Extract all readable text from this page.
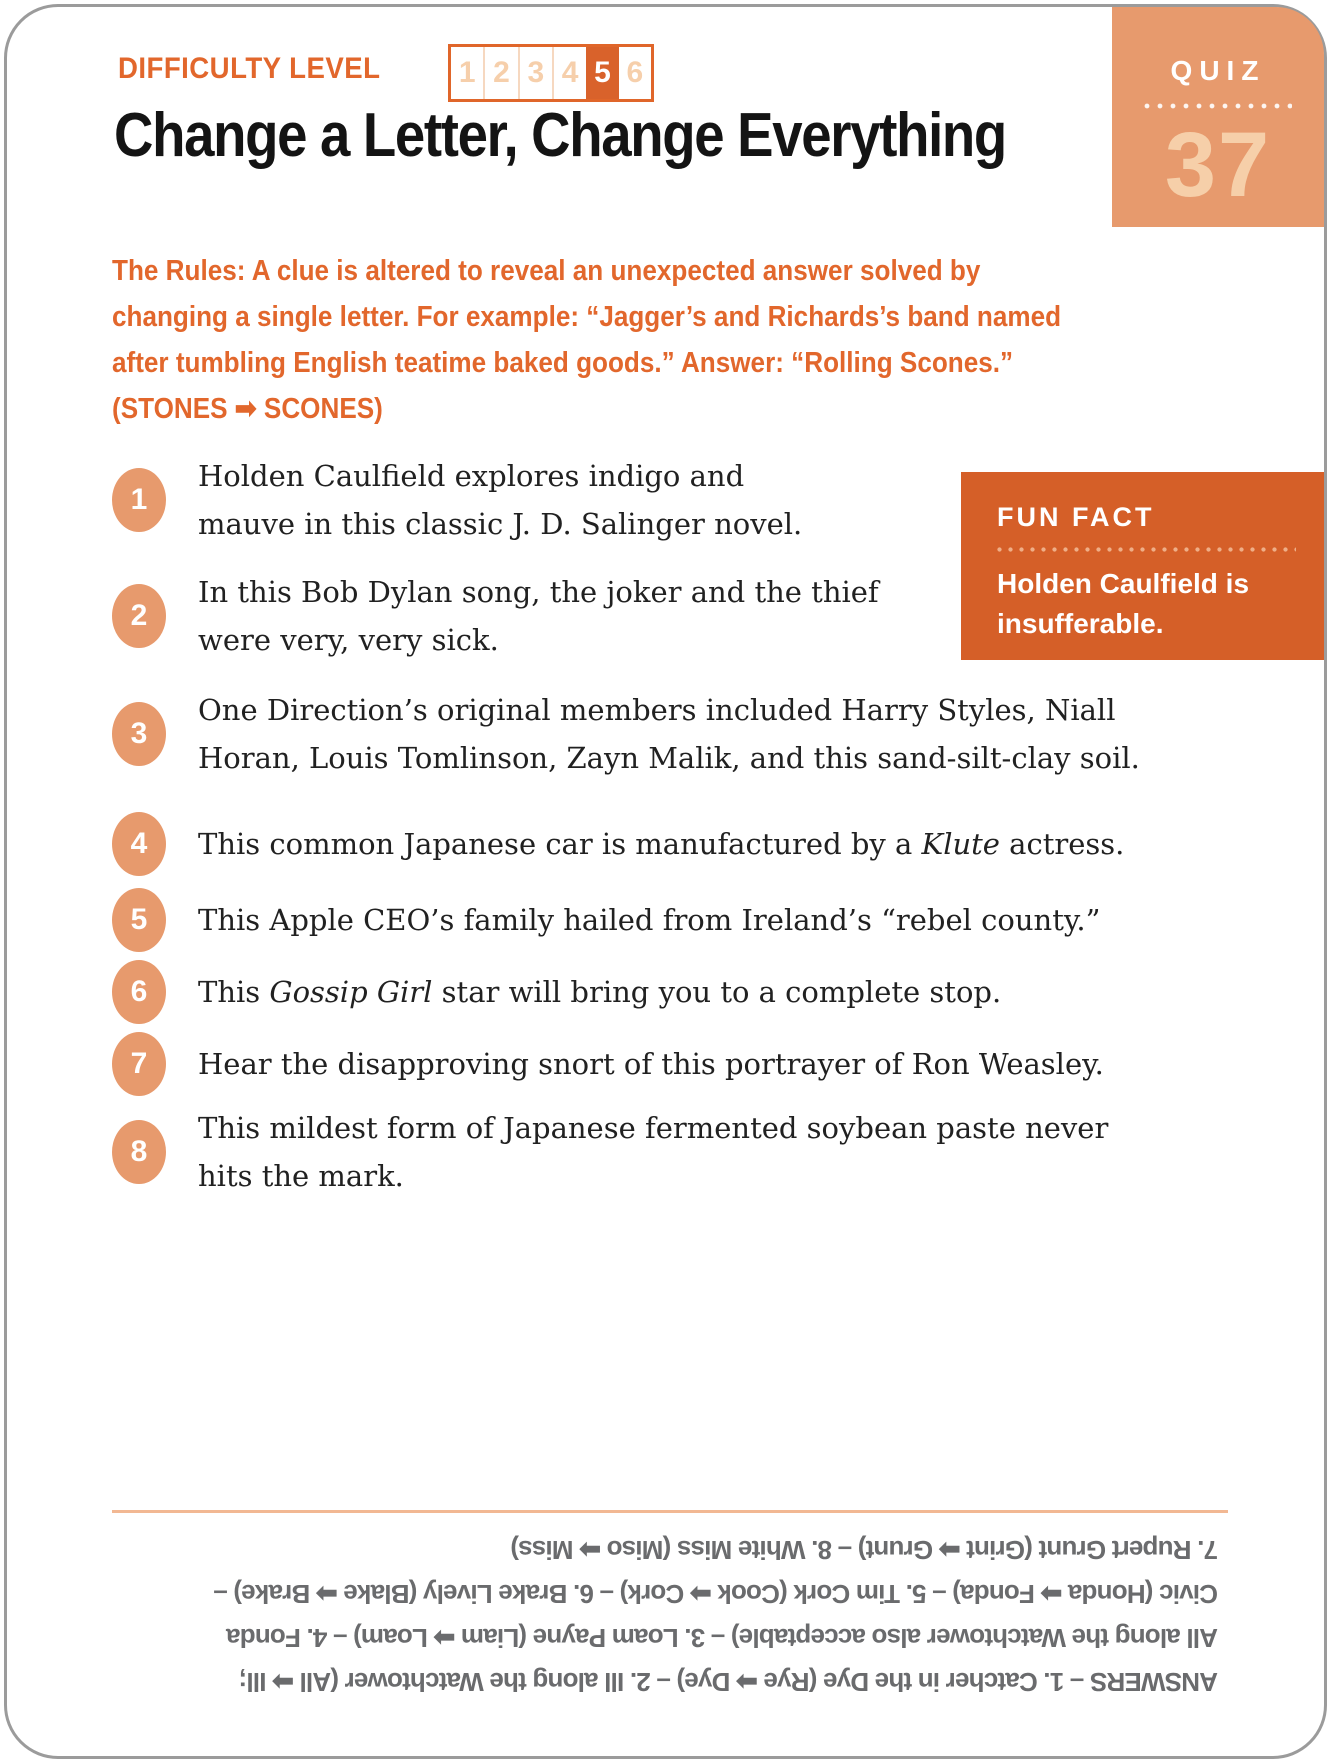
QUIZ
37
DIFFICULTY LEVEL	1 2 3 4 5 6
Change a Letter, Change Everything

The Rules: A clue is altered to reveal an unexpected answer solved by
changing a single letter. For example: “Jagger’s and Richards’s band named
after tumbling English teatime baked goods.” Answer: “Rolling Scones.”
(STONES ➡ SCONES)

1

Holden Caulfield explores indigo and
mauve in this classic J. D. Salinger novel.

2

In this Bob Dylan song, the joker and the thief
were very, very sick.

3

One Direction’s original members included Harry Styles, Niall
Horan, Louis Tomlinson, Zayn Malik, and this sand-silt-clay soil.

4	This common Japanese car is manufactured by a Klute actress.

5	This Apple CEO’s family hailed from Ireland’s “rebel county.”

6	This Gossip Girl star will bring you to a complete stop.

7	Hear the disapproving snort of this portrayer of Ron Weasley.

8

This mildest form of Japanese fermented soybean paste never
hits the mark.

FUN FACT

Holden Caulfield is
insufferable.

ANSWERS – 1. Catcher in the Dye (Rye ➡ Dye) – 2. Ill along the Watchtower (All ➡ Ill;
All along the Watchtower also acceptable) – 3. Loam Payne (Liam ➡ Loam) – 4. Fonda
Civic (Honda ➡ Fonda) – 5. Tim Cork (Cook ➡ Cork) – 6. Brake Lively (Blake ➡ Brake) –
7. Rupert Grunt (Grint ➡ Grunt) – 8. White Miss (Miso ➡ Miss)
